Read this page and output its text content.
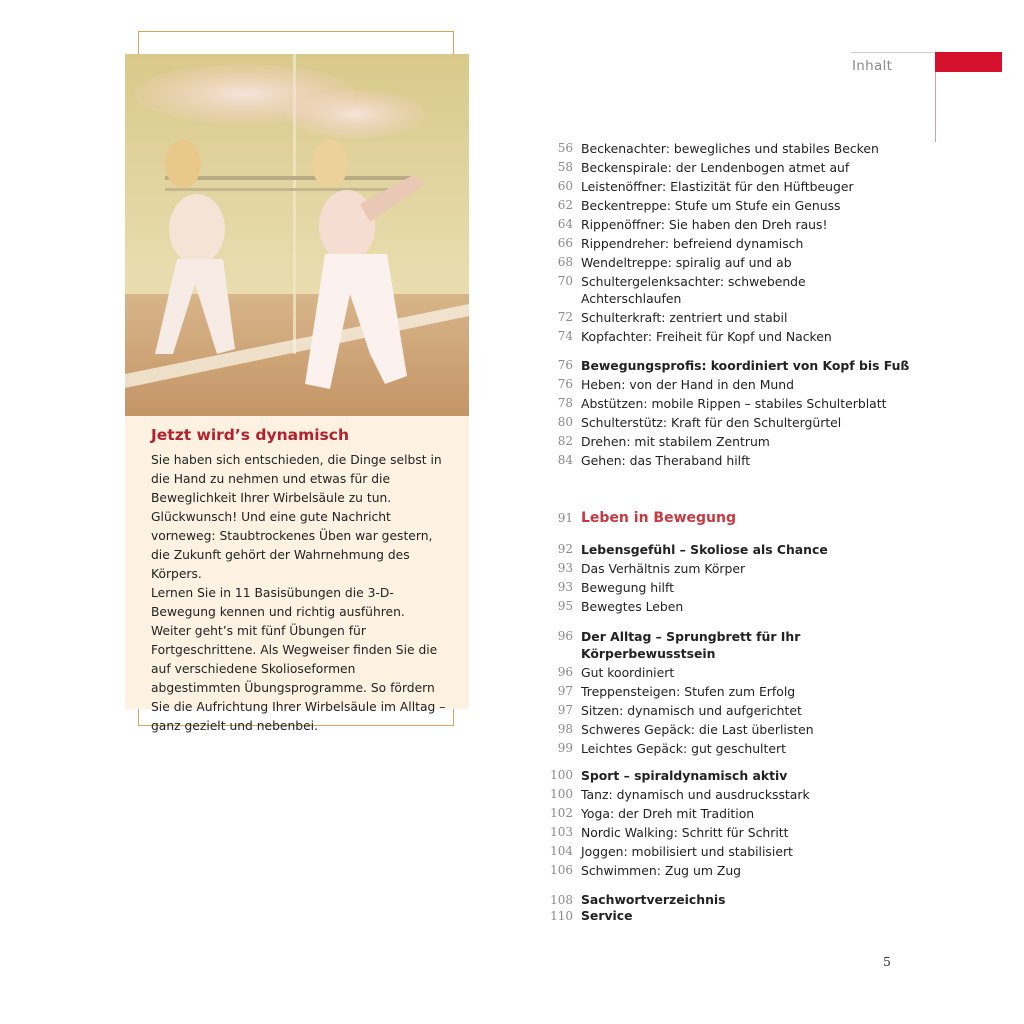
Inhalt
Jetzt wird’s dynamisch

Sie haben sich entschieden, die Dinge selbst in die Hand zu nehmen und etwas für die Beweglichkeit Ihrer Wirbelsäule zu tun. Glückwunsch! Und eine gute Nachricht vorneweg: Staubtrockenes Üben war gestern, die Zukunft gehört der Wahrnehmung des Körpers.

Lernen Sie in 11 Basisübungen die 3-D-Bewegung kennen und richtig ausführen. Weiter geht’s mit fünf Übungen für Fortgeschrittene. Als Wegweiser finden Sie die auf verschiedene Skolioseformen abgestimmten Übungsprogramme. So fördern Sie die Aufrichtung Ihrer Wirbelsäule im Alltag – ganz gezielt und nebenbei.

56 Beckenachter: bewegliches und stabiles Becken
58 Beckenspirale: der Lendenbogen atmet auf
60 Leistenöffner: Elastizität für den Hüftbeuger
62 Beckentreppe: Stufe um Stufe ein Genuss
64 Rippenöffner: Sie haben den Dreh raus!
66 Rippendreher: befreiend dynamisch
68 Wendeltreppe: spiralig auf und ab
70 Schultergelenksachter: schwebende Achterschlaufen
72 Schulterkraft: zentriert und stabil
74 Kopfachter: Freiheit für Kopf und Nacken
76 Bewegungsprofis: koordiniert von Kopf bis Fuß
76 Heben: von der Hand in den Mund
78 Abstützen: mobile Rippen – stabiles Schulterblatt
80 Schulterstütz: Kraft für den Schultergürtel
82 Drehen: mit stabilem Zentrum
84 Gehen: das Theraband hilft
91 Leben in Bewegung
92 Lebensgefühl – Skoliose als Chance
93 Das Verhältnis zum Körper
93 Bewegung hilft
95 Bewegtes Leben
96 Der Alltag – Sprungbrett für Ihr Körperbewusstsein
96 Gut koordiniert
97 Treppensteigen: Stufen zum Erfolg
97 Sitzen: dynamisch und aufgerichtet
98 Schweres Gepäck: die Last überlisten
99 Leichtes Gepäck: gut geschultert
100 Sport – spiraldynamisch aktiv
100 Tanz: dynamisch und ausdrucksstark
102 Yoga: der Dreh mit Tradition
103 Nordic Walking: Schritt für Schritt
104 Joggen: mobilisiert und stabilisiert
106 Schwimmen: Zug um Zug
108 Sachwortverzeichnis
110 Service
5
